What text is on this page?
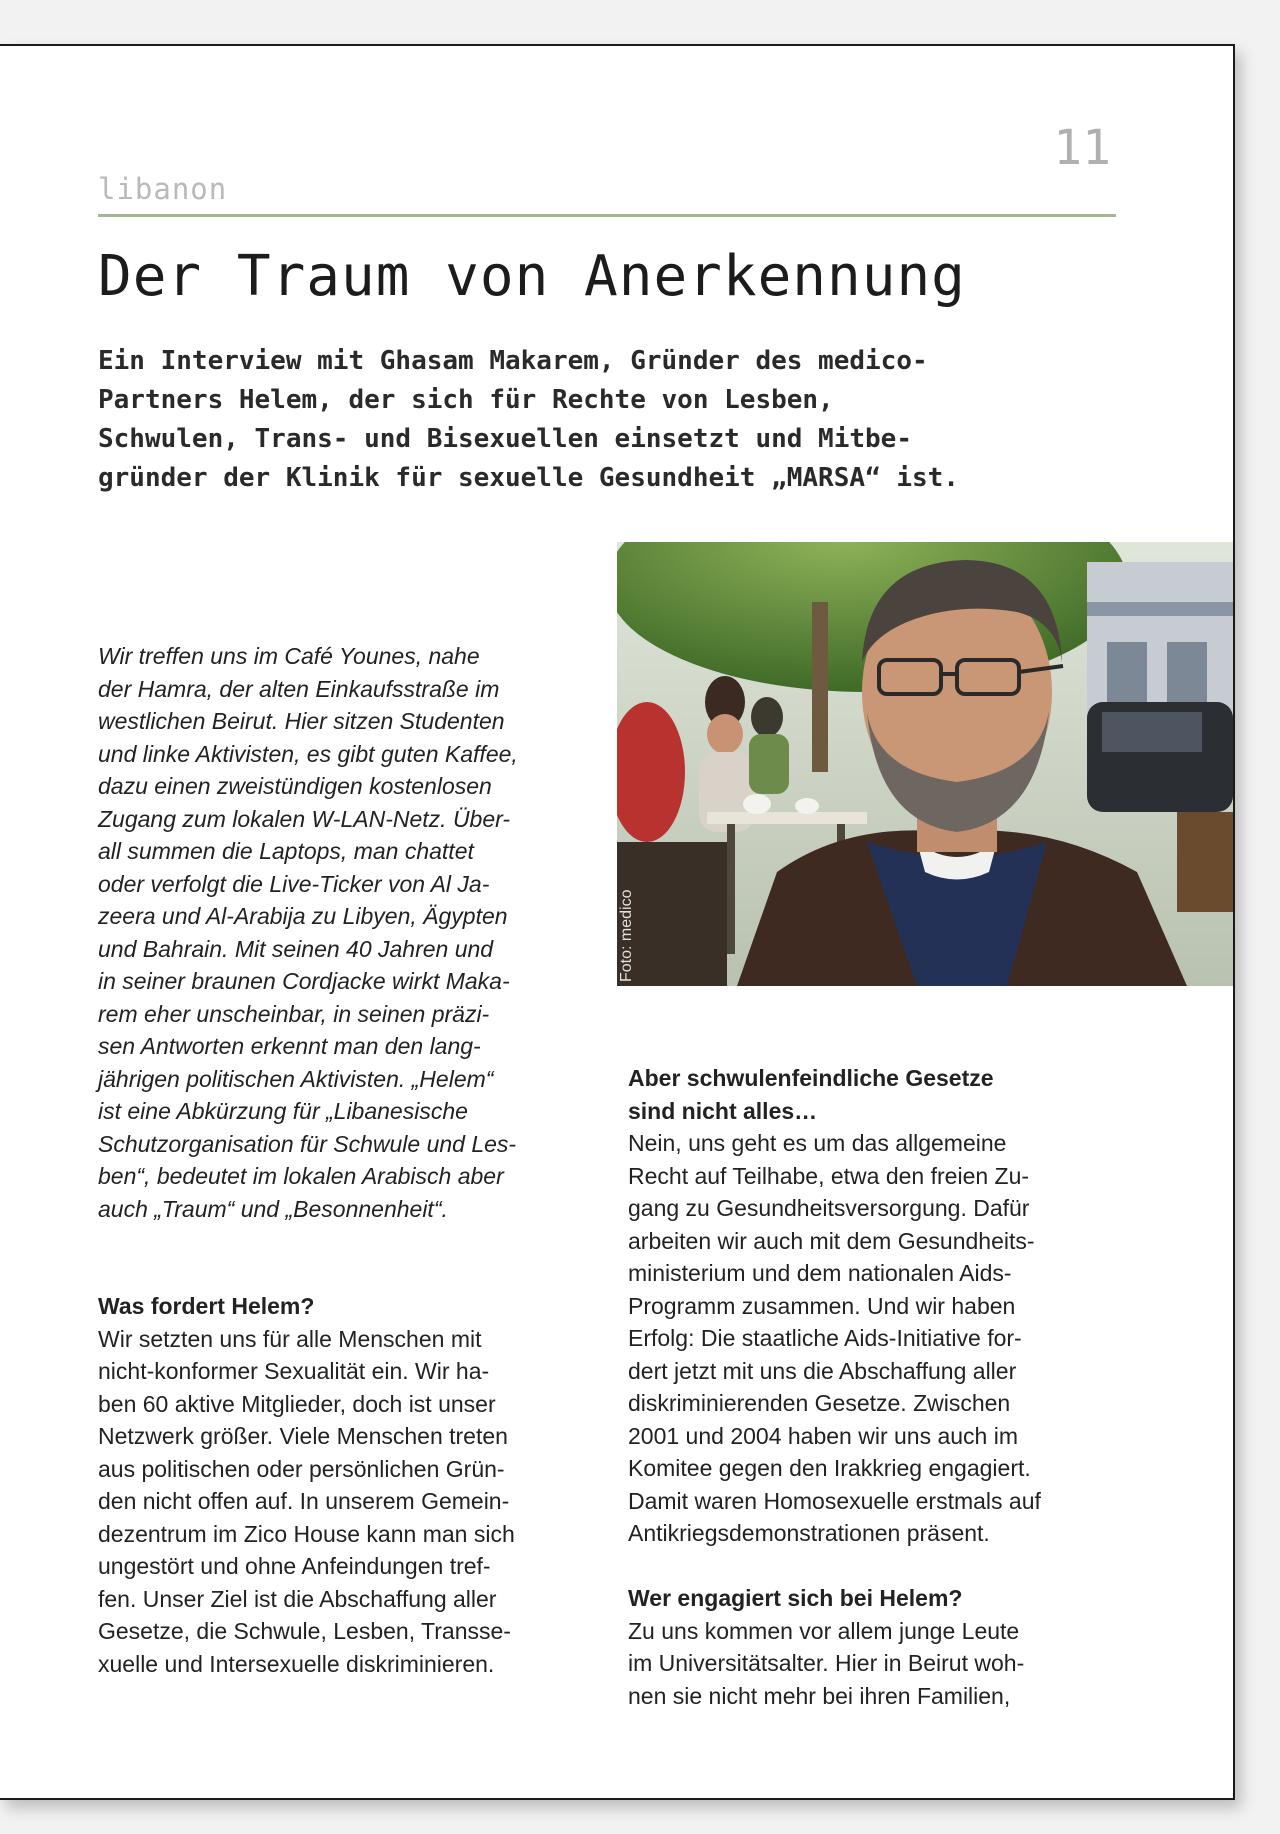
libanon
11
Der Traum von Anerkennung
Ein Interview mit Ghasam Makarem, Gründer des medico-
Partners Helem, der sich für Rechte von Lesben,
Schwulen, Trans- und Bisexuellen einsetzt und Mitbe-
gründer der Klinik für sexuelle Gesundheit „MARSA“ ist.
Foto: medico
Wir treffen uns im Café Younes, nahe
der Hamra, der alten Einkaufsstraße im
westlichen Beirut. Hier sitzen Studenten
und linke Aktivisten, es gibt guten Kaffee,
dazu einen zweistündigen kostenlosen
Zugang zum lokalen W-LAN-Netz. Über-
all summen die Laptops, man chattet
oder verfolgt die Live-Ticker von Al Ja-
zeera und Al-Arabija zu Libyen, Ägypten
und Bahrain. Mit seinen 40 Jahren und
in seiner braunen Cordjacke wirkt Maka-
rem eher unscheinbar, in seinen präzi-
sen Antworten erkennt man den lang-
jährigen politischen Aktivisten. „Helem“
ist eine Abkürzung für „Libanesische
Schutzorganisation für Schwule und Les-
ben“, bedeutet im lokalen Arabisch aber
auch „Traum“ und „Besonnenheit“.
Was fordert Helem?
Wir setzten uns für alle Menschen mit
nicht-konformer Sexualität ein. Wir ha-
ben 60 aktive Mitglieder, doch ist unser
Netzwerk größer. Viele Menschen treten
aus politischen oder persönlichen Grün-
den nicht offen auf. In unserem Gemein-
dezentrum im Zico House kann man sich
ungestört und ohne Anfeindungen tref-
fen. Unser Ziel ist die Abschaffung aller
Gesetze, die Schwule, Lesben, Transse-
xuelle und Intersexuelle diskriminieren.
Aber schwulenfeindliche Gesetze
sind nicht alles…
Nein, uns geht es um das allgemeine
Recht auf Teilhabe, etwa den freien Zu-
gang zu Gesundheitsversorgung. Dafür
arbeiten wir auch mit dem Gesundheits-
ministerium und dem nationalen Aids-
Programm zusammen. Und wir haben
Erfolg: Die staatliche Aids-Initiative for-
dert jetzt mit uns die Abschaffung aller
diskriminierenden Gesetze. Zwischen
2001 und 2004 haben wir uns auch im
Komitee gegen den Irakkrieg engagiert.
Damit waren Homosexuelle erstmals auf
Antikriegsdemonstrationen präsent.
Wer engagiert sich bei Helem?
Zu uns kommen vor allem junge Leute
im Universitätsalter. Hier in Beirut woh-
nen sie nicht mehr bei ihren Familien,
